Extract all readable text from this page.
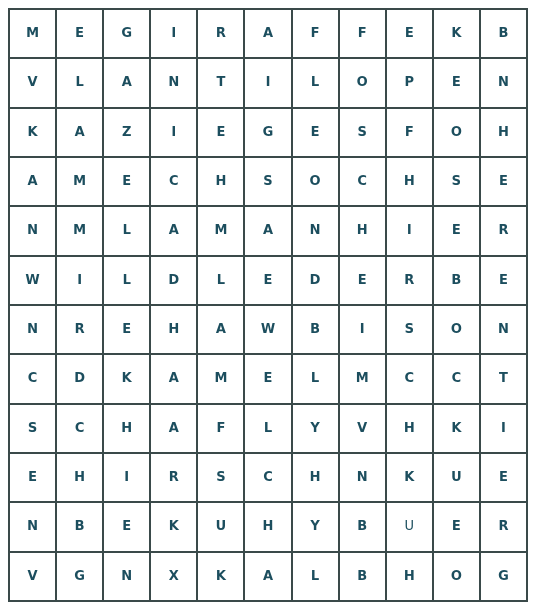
M	E	G	I	R	A	F	F	E	K	B
V	L	A	N	T	I	L	O	P	E	N
K	A	Z	I	E	G	E	S	F	O	H
A	M	E	C	H	S	O	C	H	S	E
N	M	L	A	M	A	N	H	I	E	R
W	I	L	D	L	E	D	E	R	B	E
N	R	E	H	A	W	B	I	S	O	N
C	D	K	A	M	E	L	M	C	C	T
S	C	H	A	F	L	Y	V	H	K	I
E	H	I	R	S	C	H	N	K	U	E
N	B	E	K	U	H	Y	B	U	E	R
V	G	N	X	K	A	L	B	H	O	G
